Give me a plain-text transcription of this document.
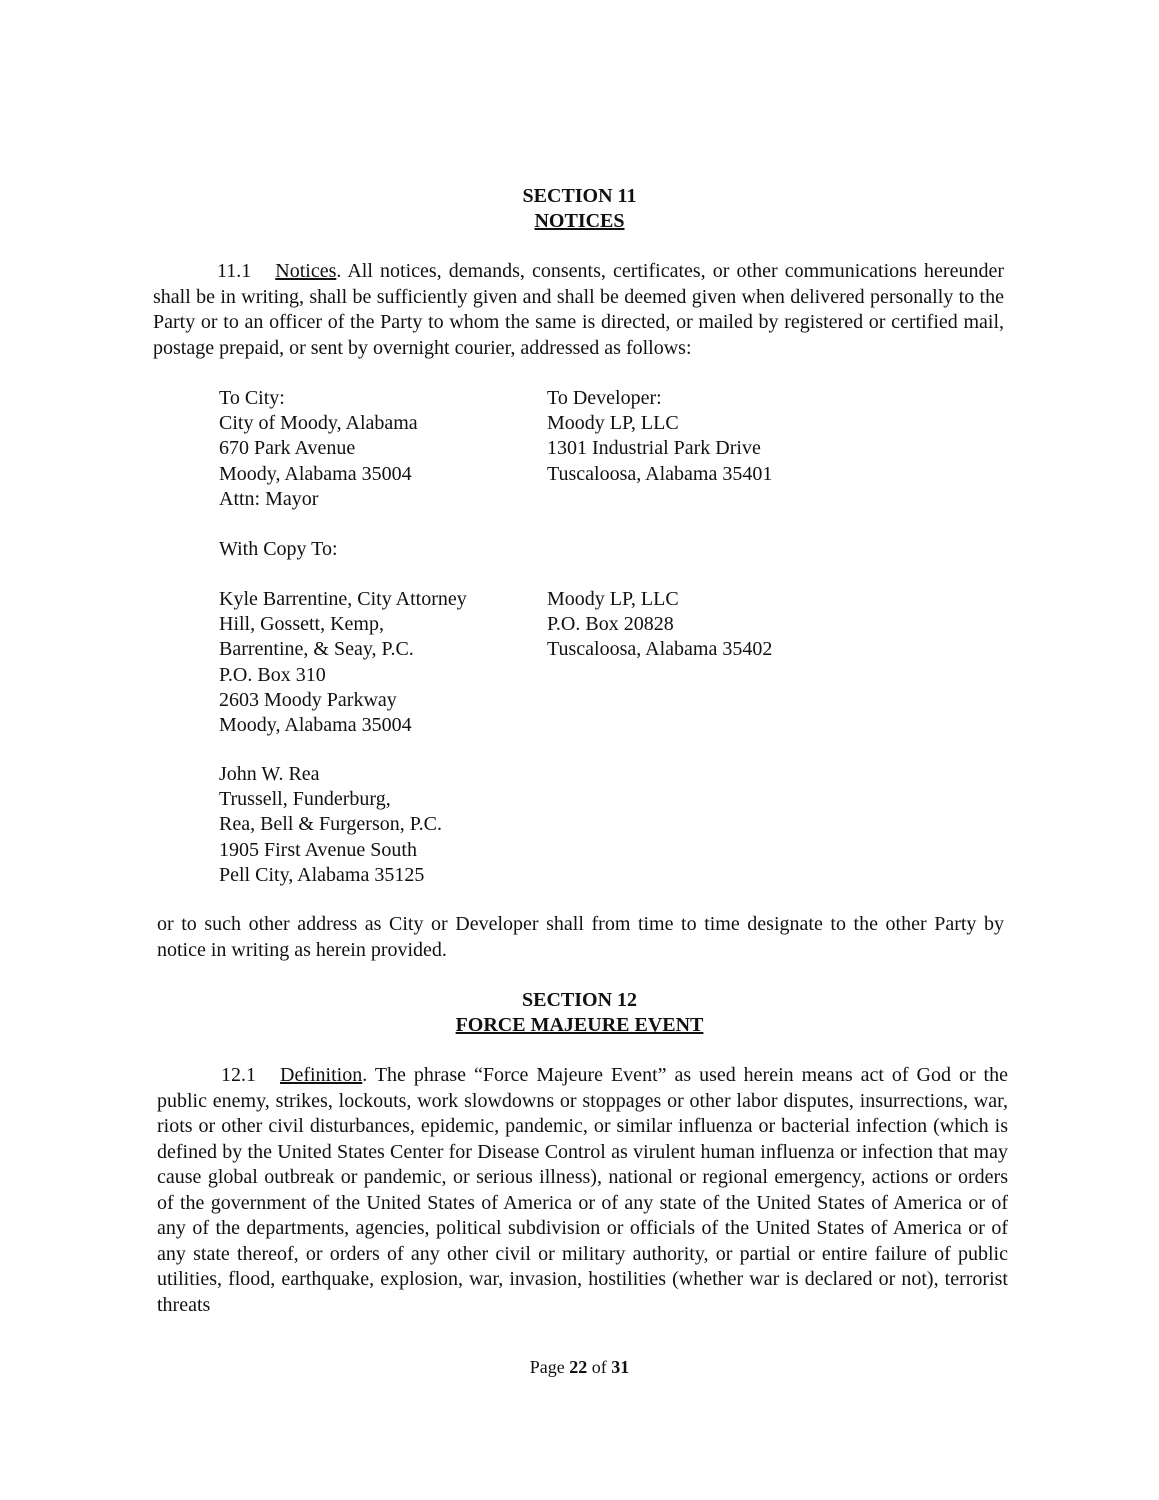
SECTION 11
NOTICES
11.1 Notices. All notices, demands, consents, certificates, or other communications hereunder shall be in writing, shall be sufficiently given and shall be deemed given when delivered personally to the Party or to an officer of the Party to whom the same is directed, or mailed by registered or certified mail, postage prepaid, or sent by overnight courier, addressed as follows:
To City:
City of Moody, Alabama
670 Park Avenue
Moody, Alabama 35004
Attn: Mayor
To Developer:
Moody LP, LLC
1301 Industrial Park Drive
Tuscaloosa, Alabama 35401
With Copy To:
Kyle Barrentine, City Attorney
Hill, Gossett, Kemp,
Barrentine, & Seay, P.C.
P.O. Box 310
2603 Moody Parkway
Moody, Alabama 35004
Moody LP, LLC
P.O. Box 20828
Tuscaloosa, Alabama 35402
John W. Rea
Trussell, Funderburg,
Rea, Bell & Furgerson, P.C.
1905 First Avenue South
Pell City, Alabama 35125
or to such other address as City or Developer shall from time to time designate to the other Party by notice in writing as herein provided.
SECTION 12
FORCE MAJEURE EVENT
12.1 Definition. The phrase “Force Majeure Event” as used herein means act of God or the public enemy, strikes, lockouts, work slowdowns or stoppages or other labor disputes, insurrections, war, riots or other civil disturbances, epidemic, pandemic, or similar influenza or bacterial infection (which is defined by the United States Center for Disease Control as virulent human influenza or infection that may cause global outbreak or pandemic, or serious illness), national or regional emergency, actions or orders of the government of the United States of America or of any state of the United States of America or of any of the departments, agencies, political subdivision or officials of the United States of America or of any state thereof, or orders of any other civil or military authority, or partial or entire failure of public utilities, flood, earthquake, explosion, war, invasion, hostilities (whether war is declared or not), terrorist threats
Page 22 of 31
